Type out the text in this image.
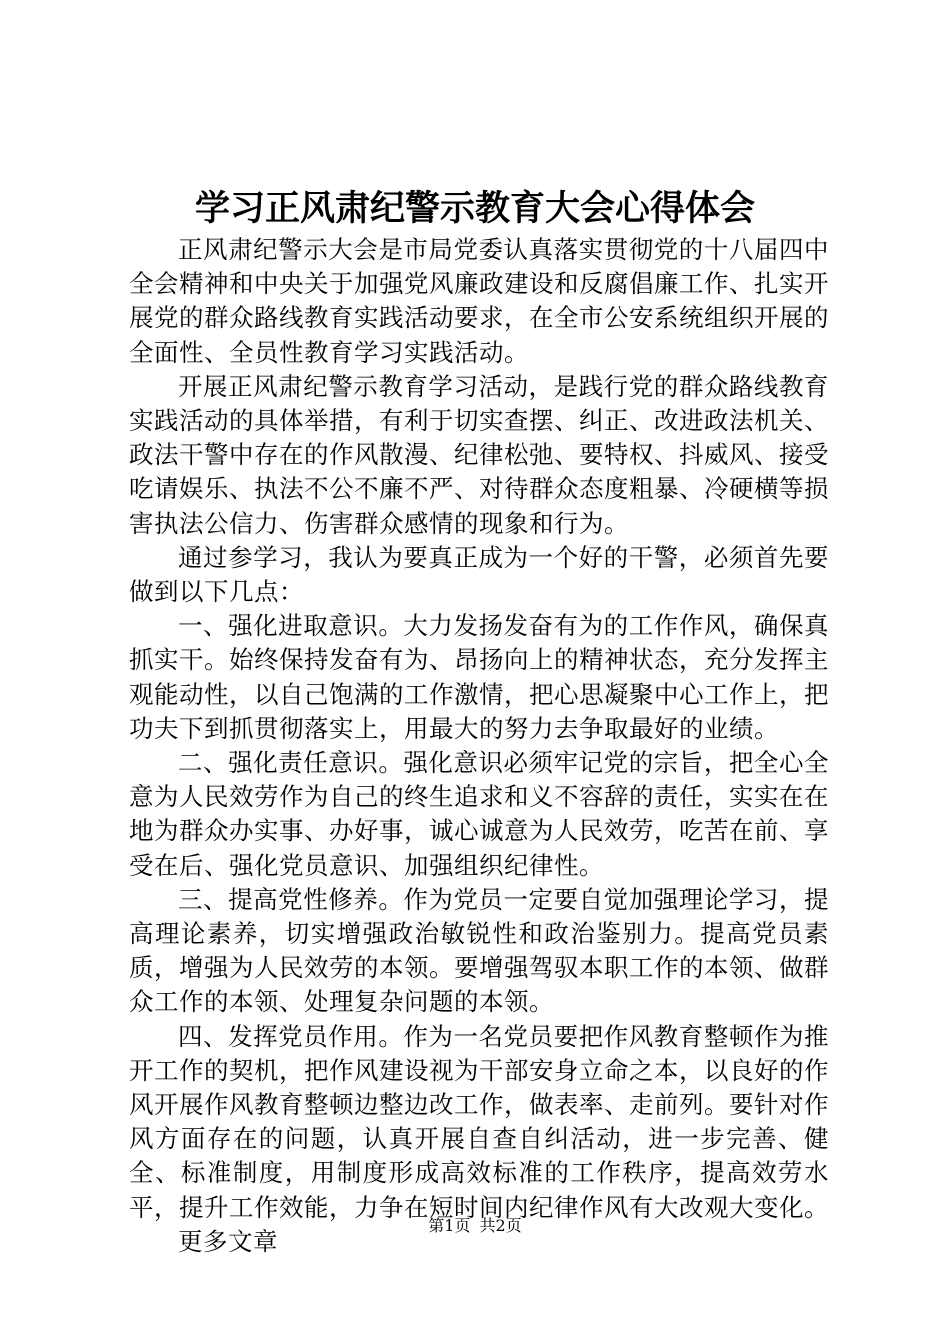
学习正风肃纪警示教育大会心得体会

正风肃纪警示大会是市局党委认真落实贯彻党的十八届四中全会精神和中央关于加强党风廉政建设和反腐倡廉工作、扎实开展党的群众路线教育实践活动要求，在全市公安系统组织开展的全面性、全员性教育学习实践活动。

开展正风肃纪警示教育学习活动，是践行党的群众路线教育实践活动的具体举措，有利于切实查摆、纠正、改进政法机关、政法干警中存在的作风散漫、纪律松弛、要特权、抖威风、接受吃请娱乐、执法不公不廉不严、对待群众态度粗暴、冷硬横等损害执法公信力、伤害群众感情的现象和行为。

通过参学习，我认为要真正成为一个好的干警，必须首先要做到以下几点：

一、强化进取意识。大力发扬发奋有为的工作作风，确保真抓实干。始终保持发奋有为、昂扬向上的精神状态，充分发挥主观能动性，以自己饱满的工作激情，把心思凝聚中心工作上，把功夫下到抓贯彻落实上，用最大的努力去争取最好的业绩。

二、强化责任意识。强化意识必须牢记党的宗旨，把全心全意为人民效劳作为自己的终生追求和义不容辞的责任，实实在在地为群众办实事、办好事，诚心诚意为人民效劳，吃苦在前、享受在后、强化党员意识、加强组织纪律性。

三、提高党性修养。作为党员一定要自觉加强理论学习，提高理论素养，切实增强政治敏锐性和政治鉴别力。提高党员素质，增强为人民效劳的本领。要增强驾驭本职工作的本领、做群众工作的本领、处理复杂问题的本领。

四、发挥党员作用。作为一名党员要把作风教育整顿作为推开工作的契机，把作风建设视为干部安身立命之本，以良好的作风开展作风教育整顿边整边改工作，做表率、走前列。要针对作风方面存在的问题，认真开展自查自纠活动，进一步完善、健全、标准制度，用制度形成高效标准的工作秩序，提高效劳水平，提升工作效能，力争在短时间内纪律作风有大改观大变化。

更多文章

第1页 共2页
